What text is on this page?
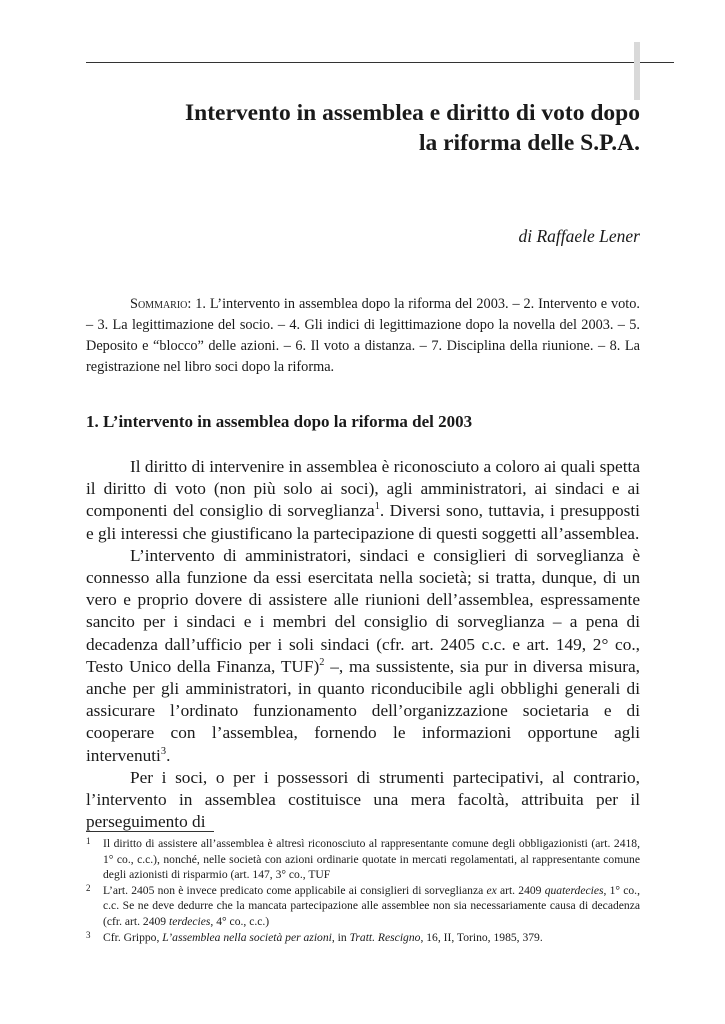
Intervento in assemblea e diritto di voto dopo
la riforma delle S.P.A.

di Raffaele Lener

Sommario: 1. L’intervento in assemblea dopo la riforma del 2003. – 2. Intervento e voto. – 3. La legittimazione del socio. – 4. Gli indici di legittimazione dopo la novella del 2003. – 5. Deposito e “blocco” delle azioni. – 6. Il voto a distanza. – 7. Disciplina della riunione. – 8. La registrazione nel libro soci dopo la riforma.

1. L’intervento in assemblea dopo la riforma del 2003

Il diritto di intervenire in assemblea è riconosciuto a coloro ai quali spetta il diritto di voto (non più solo ai soci), agli amministratori, ai sindaci e ai componenti del consiglio di sorveglianza$^1$. Diversi sono, tuttavia, i presupposti e gli interessi che giustificano la partecipazione di questi soggetti all’assemblea.

L’intervento di amministratori, sindaci e consiglieri di sorveglianza è connesso alla funzione da essi esercitata nella società; si tratta, dunque, di un vero e proprio dovere di assistere alle riunioni dell’assemblea, espressamente sancito per i sindaci e i membri del consiglio di sorveglianza – a pena di decadenza dall’ufficio per i soli sindaci (cfr. art. 2405 c.c. e art. 149, 2° co., Testo Unico della Finanza, TUF)$^2$ –, ma sussistente, sia pur in diversa misura, anche per gli amministratori, in quanto riconducibile agli obblighi generali di assicurare l’ordinato funzionamento dell’organizzazione societaria e di cooperare con l’assemblea, fornendo le informazioni opportune agli intervenuti$^3$.

Per i soci, o per i possessori di strumenti partecipativi, al contrario, l’intervento in assemblea costituisce una mera facoltà, attribuita per il perseguimento di

1 Il diritto di assistere all’assemblea è altresì riconosciuto al rappresentante comune degli obbligazionisti (art. 2418, 1° co., c.c.), nonché, nelle società con azioni ordinarie quotate in mercati regolamentati, al rappresentante comune degli azionisti di risparmio (art. 147, 3° co., TUF
2 L’art. 2405 non è invece predicato come applicabile ai consiglieri di sorveglianza ex art. 2409 quaterdecies, 1° co., c.c. Se ne deve dedurre che la mancata partecipazione alle assemblee non sia necessariamente causa di decadenza (cfr. art. 2409 terdecies, 4° co., c.c.)
3 Cfr. Grippo, L’assemblea nella società per azioni, in Tratt. Rescigno, 16, II, Torino, 1985, 379.
